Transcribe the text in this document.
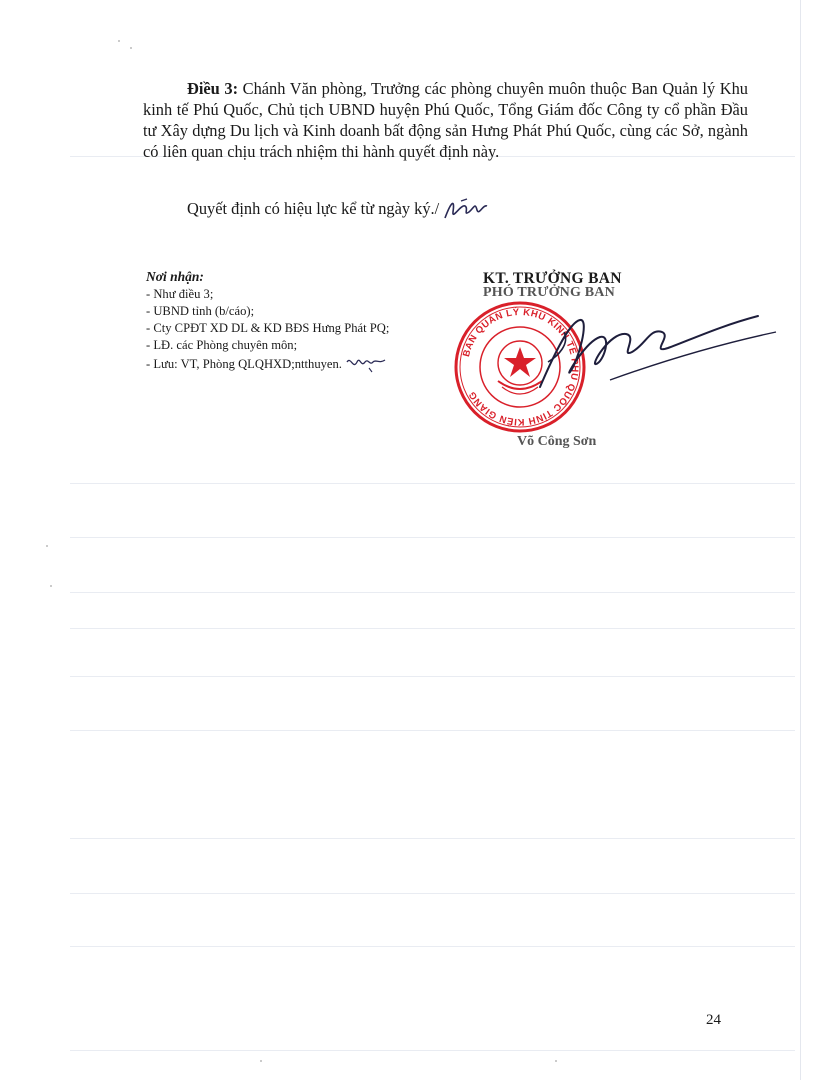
Điều 3: Chánh Văn phòng, Trưởng các phòng chuyên muôn thuộc Ban Quản lý Khu kinh tế Phú Quốc, Chủ tịch UBND huyện Phú Quốc, Tổng Giám đốc Công ty cổ phần Đầu tư Xây dựng Du lịch và Kinh doanh bất động sản Hưng Phát Phú Quốc, cùng các Sở, ngành có liên quan chịu trách nhiệm thi hành quyết định này.

Quyết định có hiệu lực kể từ ngày ký./
Nơi nhận:
- Như điều 3;
- UBND tỉnh (b/cáo);
- Cty CPĐT XD DL & KD BĐS Hưng Phát PQ;
- LĐ. các Phòng chuyên môn;
- Lưu: VT, Phòng QLQHXD;ntthuyen.
KT. TRƯỞNG BAN
PHÓ TRƯỞNG BAN
BAN QUẢN LÝ KHU KINH TẾ PHÚ QUỐC TỈNH KIÊN GIANG
Võ Công Sơn
24
